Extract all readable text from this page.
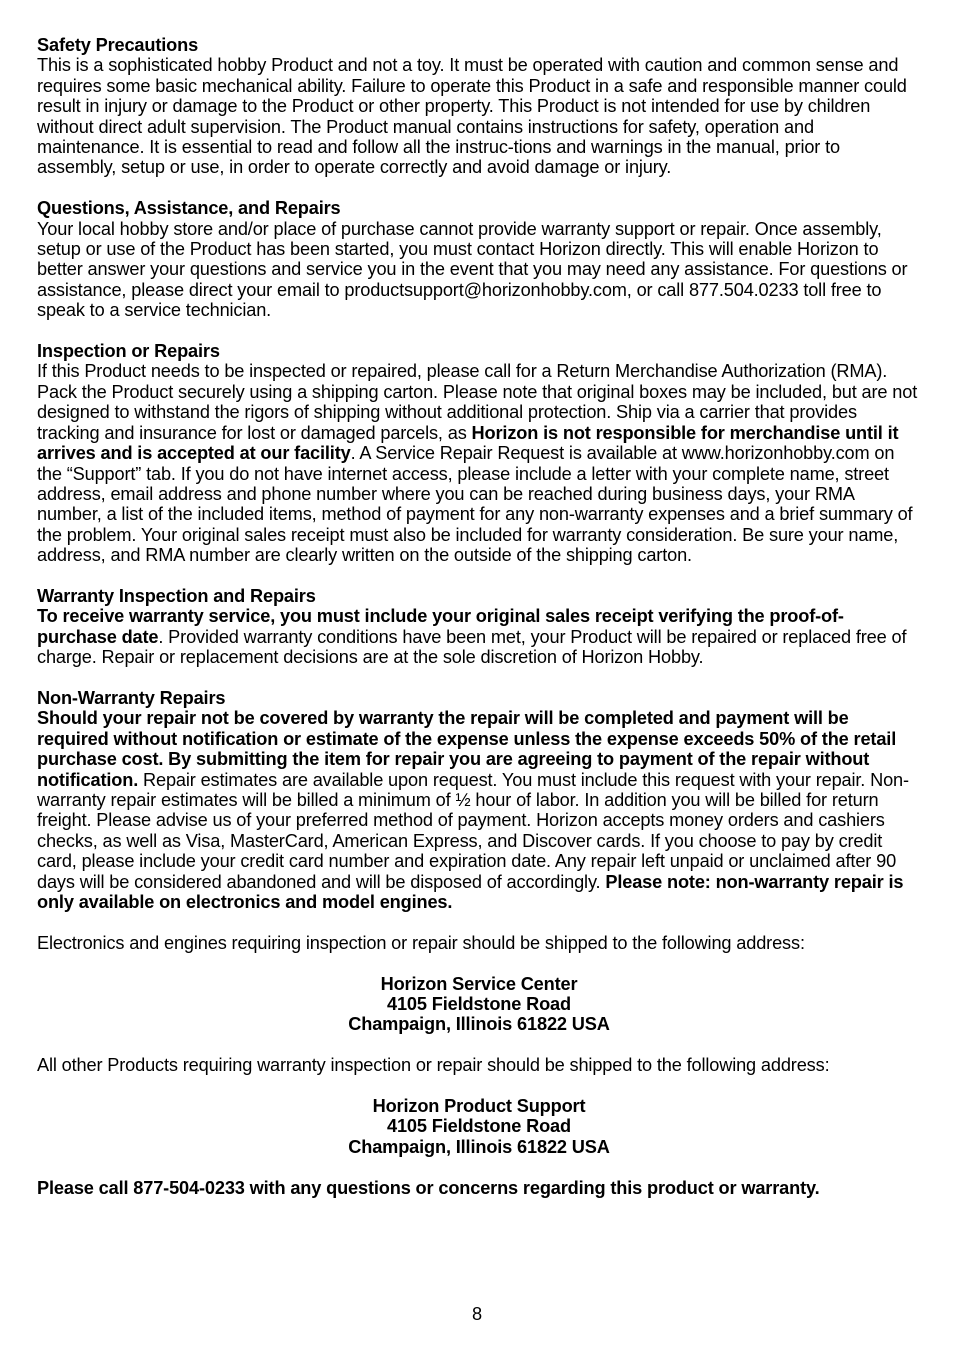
Safety Precautions
This is a sophisticated hobby Product and not a toy. It must be operated with caution and common sense and requires some basic mechanical ability. Failure to operate this Product in a safe and responsible manner could result in injury or damage to the Product or other property. This Product is not intended for use by children without direct adult supervision. The Product manual contains instructions for safety, operation and maintenance. It is essential to read and follow all the instruc-tions and warnings in the manual, prior to assembly, setup or use, in order to operate correctly and avoid damage or injury.
Questions, Assistance, and Repairs
Your local hobby store and/or place of purchase cannot provide warranty support or repair. Once assembly, setup or use of the Product has been started, you must contact Horizon directly. This will enable Horizon to better answer your questions and service you in the event that you may need any assistance. For questions or assistance, please direct your email to productsupport@horizonhobby.com, or call 877.504.0233 toll free to speak to a service technician.
Inspection or Repairs
If this Product needs to be inspected or repaired, please call for a Return Merchandise Authorization (RMA). Pack the Product securely using a shipping carton. Please note that original boxes may be included, but are not designed to withstand the rigors of shipping without additional protection. Ship via a carrier that provides tracking and insurance for lost or damaged parcels, as Horizon is not responsible for merchandise until it arrives and is accepted at our facility. A Service Repair Request is available at www.horizonhobby.com on the “Support” tab. If you do not have internet access, please include a letter with your complete name, street address, email address and phone number where you can be reached during business days, your RMA number, a list of the included items, method of payment for any non-warranty expenses and a brief summary of the problem. Your original sales receipt must also be included for warranty consideration. Be sure your name, address, and RMA number are clearly written on the outside of the shipping carton.
Warranty Inspection and Repairs
To receive warranty service, you must include your original sales receipt verifying the proof-of-purchase date. Provided warranty conditions have been met, your Product will be repaired or replaced free of charge. Repair or replacement decisions are at the sole discretion of Horizon Hobby.
Non-Warranty Repairs
Should your repair not be covered by warranty the repair will be completed and payment will be required without notification or estimate of the expense unless the expense exceeds 50% of the retail purchase cost. By submitting the item for repair you are agreeing to payment of the repair without notification. Repair estimates are available upon request. You must include this request with your repair. Non-warranty repair estimates will be billed a minimum of ½ hour of labor. In addition you will be billed for return freight. Please advise us of your preferred method of payment. Horizon accepts money orders and cashiers checks, as well as Visa, MasterCard, American Express, and Discover cards. If you choose to pay by credit card, please include your credit card number and expiration date. Any repair left unpaid or unclaimed after 90 days will be considered abandoned and will be disposed of accordingly. Please note: non-warranty repair is only available on electronics and model engines.
Electronics and engines requiring inspection or repair should be shipped to the following address:
Horizon Service Center
4105 Fieldstone Road
Champaign, Illinois 61822 USA
All other Products requiring warranty inspection or repair should be shipped to the following address:
Horizon Product Support
4105 Fieldstone Road
Champaign, Illinois 61822 USA
Please call 877-504-0233 with any questions or concerns regarding this product or warranty.
8
